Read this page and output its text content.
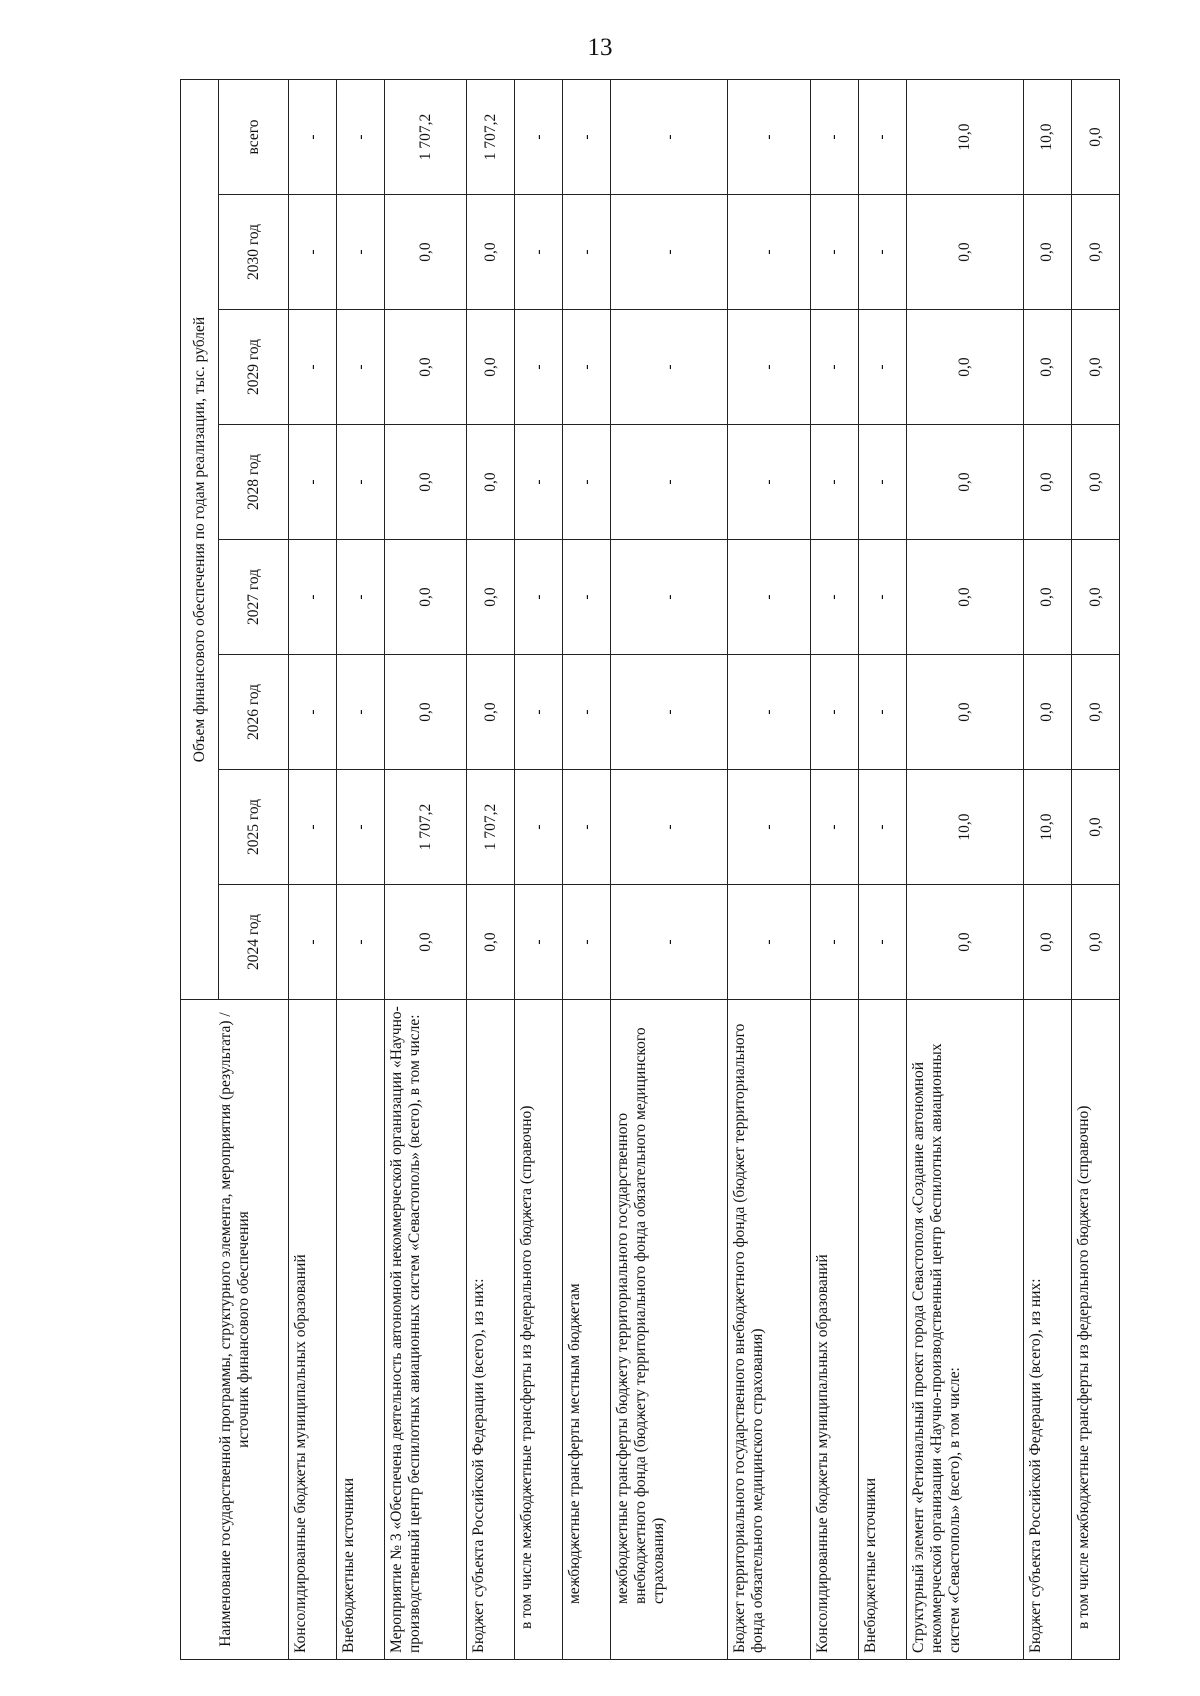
13
Наименование государственной программы, структурного элемента, мероприятия (результата) / источник финансового обеспечения	Объем финансового обеспечения по годам реализации, тыс. рублей							
	2024 год	2025 год	2026 год	2027 год	2028 год	2029 год	2030 год	всего
Консолидированные бюджеты муниципальных образований	-	-	-	-	-	-	-	-
Внебюджетные источники	-	-	-	-	-	-	-	-
Мероприятие № 3 «Обеспечена деятельность автономной некоммерческой организации «Научно-производственный центр беспилотных авиационных систем «Севастополь» (всего), в том числе:	0,0	1 707,2	0,0	0,0	0,0	0,0	0,0	1 707,2
Бюджет субъекта Российской Федерации (всего), из них:	0,0	1 707,2	0,0	0,0	0,0	0,0	0,0	1 707,2
в том числе межбюджетные трансферты из федерального бюджета (справочно)	-	-	-	-	-	-	-	-
межбюджетные трансферты местным бюджетам	-	-	-	-	-	-	-	-
межбюджетные трансферты бюджету территориального государственного внебюджетного фонда (бюджету территориального фонда обязательного медицинского страхования)	-	-	-	-	-	-	-	-
Бюджет территориального государственного внебюджетного фонда (бюджет территориального фонда обязательного медицинского страхования)	-	-	-	-	-	-	-	-
Консолидированные бюджеты муниципальных образований	-	-	-	-	-	-	-	-
Внебюджетные источники	-	-	-	-	-	-	-	-
Структурный элемент «Региональный проект города Севастополя «Создание автономной некоммерческой организации «Научно-производственный центр беспилотных авиационных систем «Севастополь» (всего), в том числе:	0,0	10,0	0,0	0,0	0,0	0,0	0,0	10,0
Бюджет субъекта Российской Федерации (всего), из них:	0,0	10,0	0,0	0,0	0,0	0,0	0,0	10,0
в том числе межбюджетные трансферты из федерального бюджета (справочно)	0,0	0,0	0,0	0,0	0,0	0,0	0,0	0,0
